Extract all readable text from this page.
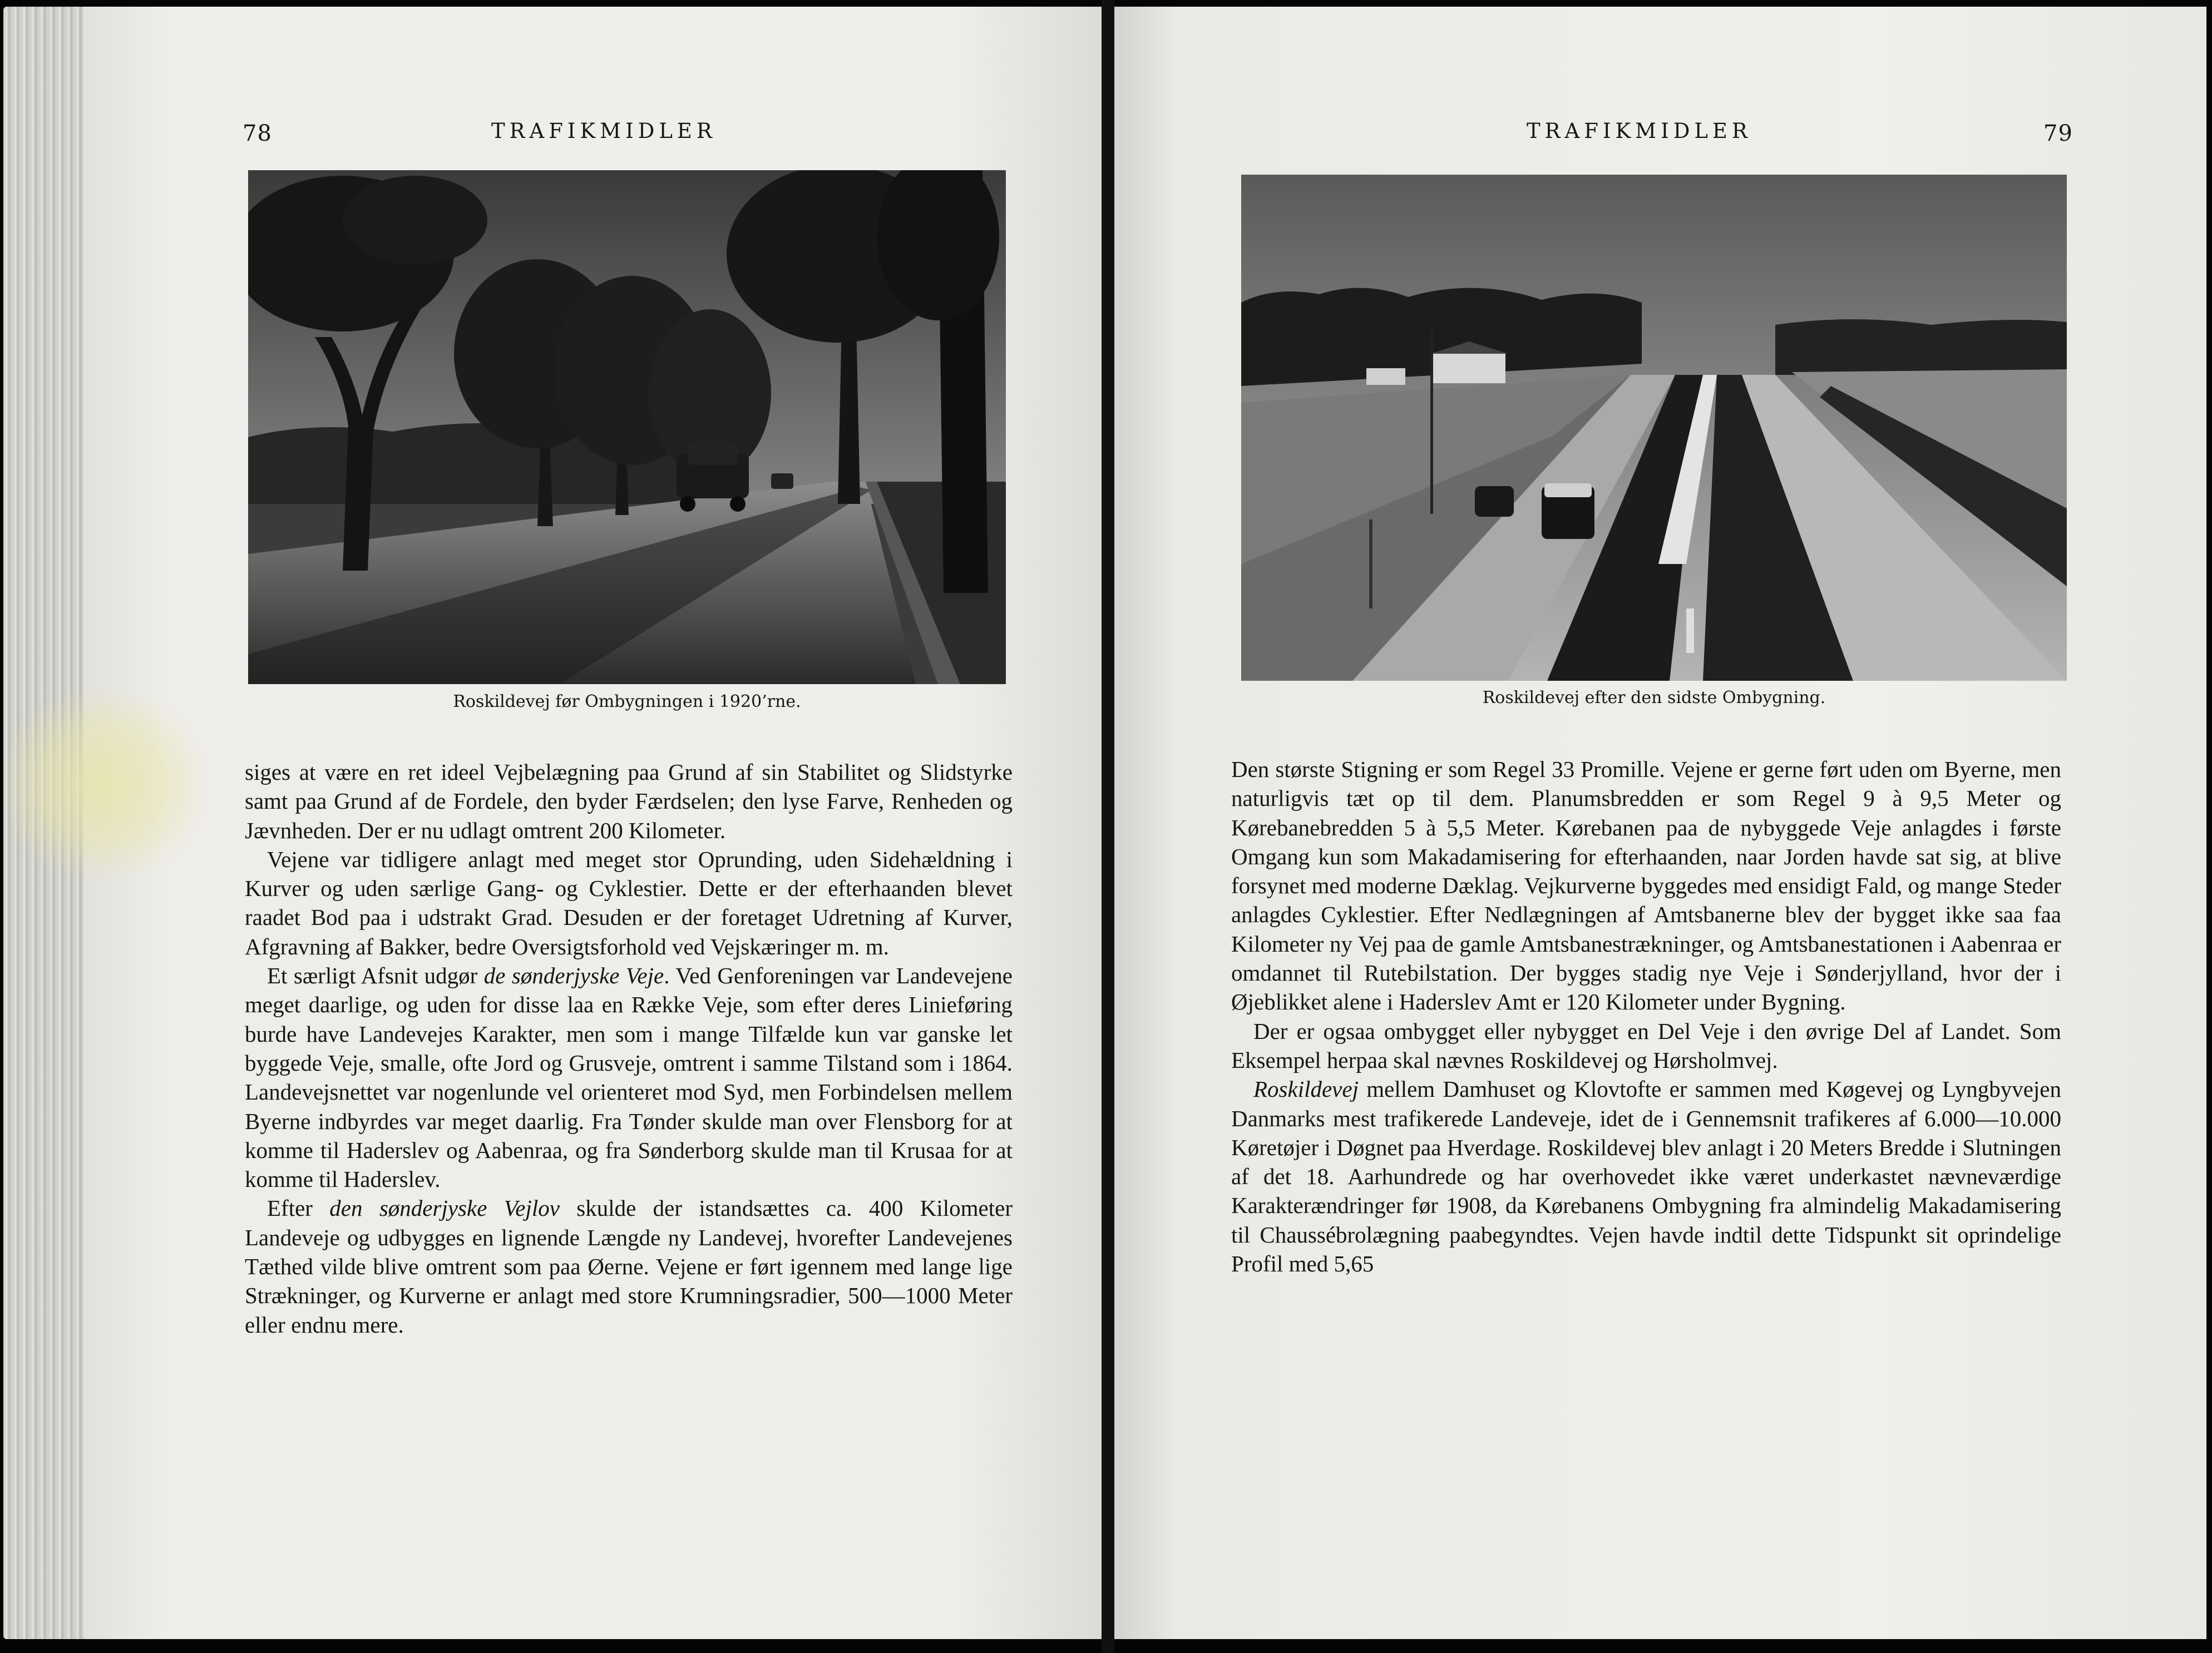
78	TRAFIKMIDLER
Roskildevej før Ombygningen i 1920’rne.

siges at være en ret ideel Vejbelægning paa Grund af sin Stabilitet og Slidstyrke samt paa Grund af de Fordele, den byder Færdselen; den lyse Farve, Renheden og Jævnheden. Der er nu udlagt omtrent 200 Kilometer.

Vejene var tidligere anlagt med meget stor Oprunding, uden Sidehældning i Kurver og uden særlige Gang- og Cyklestier. Dette er der efterhaanden blevet raadet Bod paa i udstrakt Grad. Desuden er der foretaget Udretning af Kurver, Afgravning af Bakker, bedre Oversigtsforhold ved Vejskæringer m. m.

Et særligt Afsnit udgør de sønderjyske Veje. Ved Genforeningen var Landevejene meget daarlige, og uden for disse laa en Række Veje, som efter deres Linieføring burde have Landevejes Karakter, men som i mange Tilfælde kun var ganske let byggede Veje, smalle, ofte Jord og Grusveje, omtrent i samme Tilstand som i 1864. Landevejsnettet var nogenlunde vel orienteret mod Syd, men Forbindelsen mellem Byerne indbyrdes var meget daarlig. Fra Tønder skulde man over Flensborg for at komme til Haderslev og Aabenraa, og fra Sønderborg skulde man til Krusaa for at komme til Haderslev.

Efter den sønderjyske Vejlov skulde der istandsættes ca. 400 Kilometer Landeveje og udbygges en lignende Længde ny Landevej, hvorefter Landevejenes Tæthed vilde blive omtrent som paa Øerne. Vejene er ført igennem med lange lige Strækninger, og Kurverne er anlagt med store Krumningsradier, 500—1000 Meter eller endnu mere.

TRAFIKMIDLER	79
Roskildevej efter den sidste Ombygning.

Den største Stigning er som Regel 33 Promille. Vejene er gerne ført uden om Byerne, men naturligvis tæt op til dem. Planumsbredden er som Regel 9 à 9,5 Meter og Kørebanebredden 5 à 5,5 Meter. Kørebanen paa de nybyggede Veje anlagdes i første Omgang kun som Makadamisering for efterhaanden, naar Jorden havde sat sig, at blive forsynet med moderne Dæklag. Vejkurverne byggedes med ensidigt Fald, og mange Steder anlagdes Cyklestier. Efter Nedlægningen af Amtsbanerne blev der bygget ikke saa faa Kilometer ny Vej paa de gamle Amtsbanestrækninger, og Amtsbanestationen i Aabenraa er omdannet til Rutebilstation. Der bygges stadig nye Veje i Sønderjylland, hvor der i Øjeblikket alene i Haderslev Amt er 120 Kilometer under Bygning.

Der er ogsaa ombygget eller nybygget en Del Veje i den øvrige Del af Landet. Som Eksempel herpaa skal nævnes Roskildevej og Hørsholmvej.

Roskildevej mellem Damhuset og Klovtofte er sammen med Køgevej og Lyngbyvejen Danmarks mest trafikerede Landeveje, idet de i Gennemsnit trafikeres af 6.000—10.000 Køretøjer i Døgnet paa Hverdage. Roskildevej blev anlagt i 20 Meters Bredde i Slutningen af det 18. Aarhundrede og har overhovedet ikke været underkastet nævneværdige Karakterændringer før 1908, da Kørebanens Ombygning fra almindelig Makadamisering til Chaussébrolægning paabegyndtes. Vejen havde indtil dette Tidspunkt sit oprindelige Profil med 5,65
